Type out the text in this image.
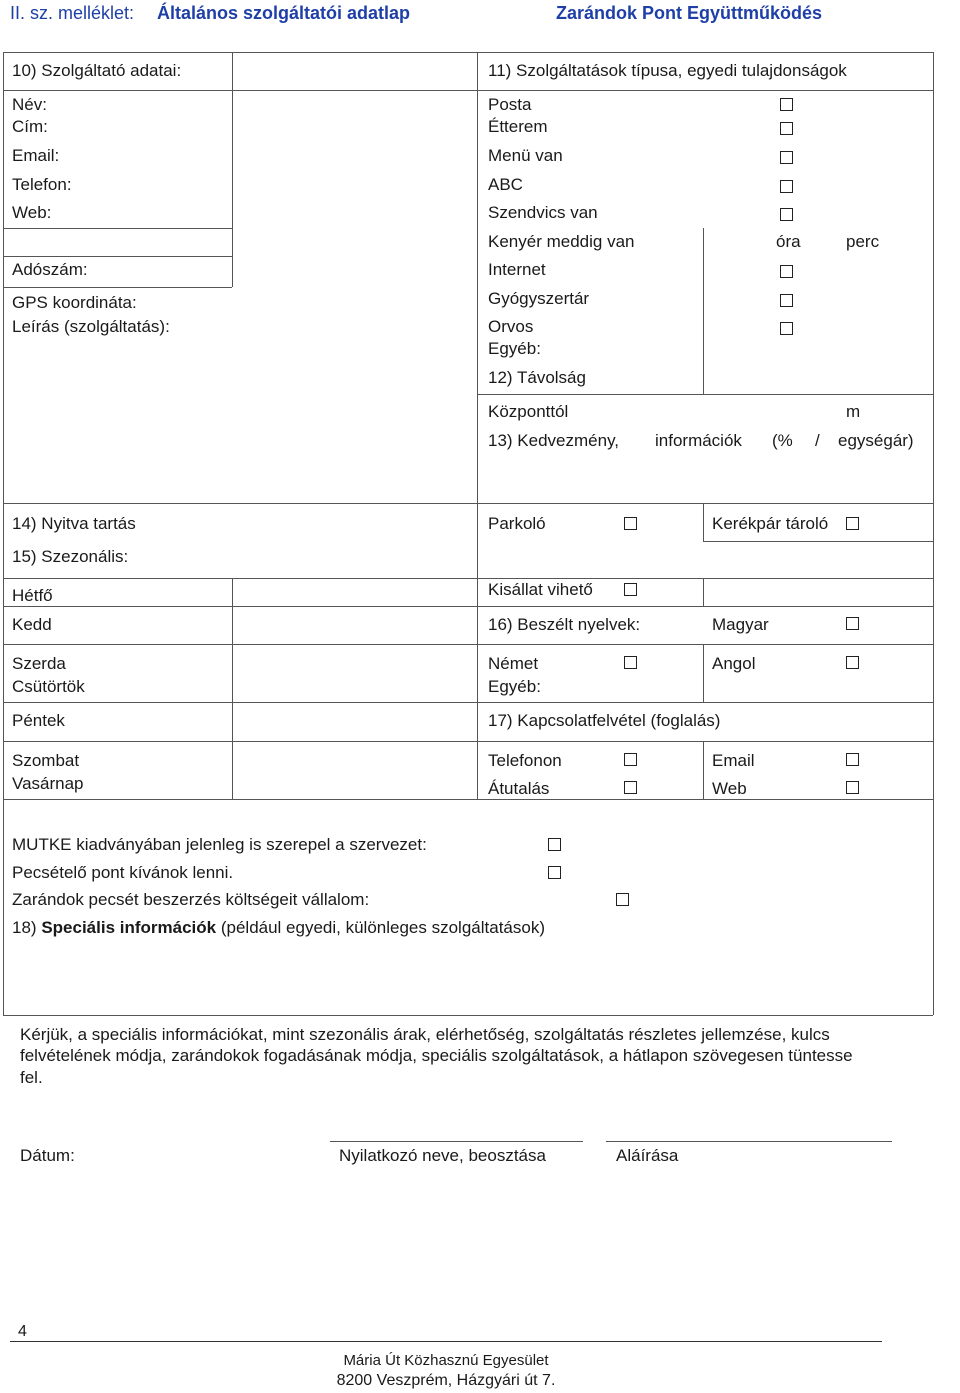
II. sz. melléklet: Általános szolgáltatói adatlap	Zarándok Pont Együttműködés
10) Szolgáltató adatai:
Név:
Cím:
Email:
Telefon:
Web:
Adószám:
GPS koordináta:
Leírás (szolgáltatás):
11) Szolgáltatások típusa, egyedi tulajdonságok
Posta
Étterem
Menü van
ABC
Szendvics van
Kenyér meddig van	óra	perc
Internet
Gyógyszertár
Orvos
Egyéb:
12) Távolság
Központtól	m
13) Kedvezmény, információk (% / egységár)
14) Nyitva tartás
15) Szezonális:
Hétfő
Kedd
Szerda
Csütörtök
Péntek
Szombat
Vasárnap
Parkoló	Kerékpár tároló
Kisállat vihető
16) Beszélt nyelvek:	Magyar
Német	Angol
Egyéb:
17) Kapcsolatfelvétel (foglalás)
Telefonon	Email
Átutalás	Web
MUTKE kiadványában jelenleg is szerepel a szervezet:
Pecsételő pont kívánok lenni.
Zarándok pecsét beszerzés költségeit vállalom:
18) Speciális információk (például egyedi, különleges szolgáltatások)
Kérjük, a speciális információkat, mint szezonális árak, elérhetőség, szolgáltatás részletes jellemzése, kulcs
felvételének módja, zarándokok fogadásának módja, speciális szolgáltatások, a hátlapon szövegesen tüntesse
fel.
Dátum:	Nyilatkozó neve, beosztása	Aláírása
4
Mária Út Közhasznú Egyesület
8200 Veszprém, Házgyári út 7.
